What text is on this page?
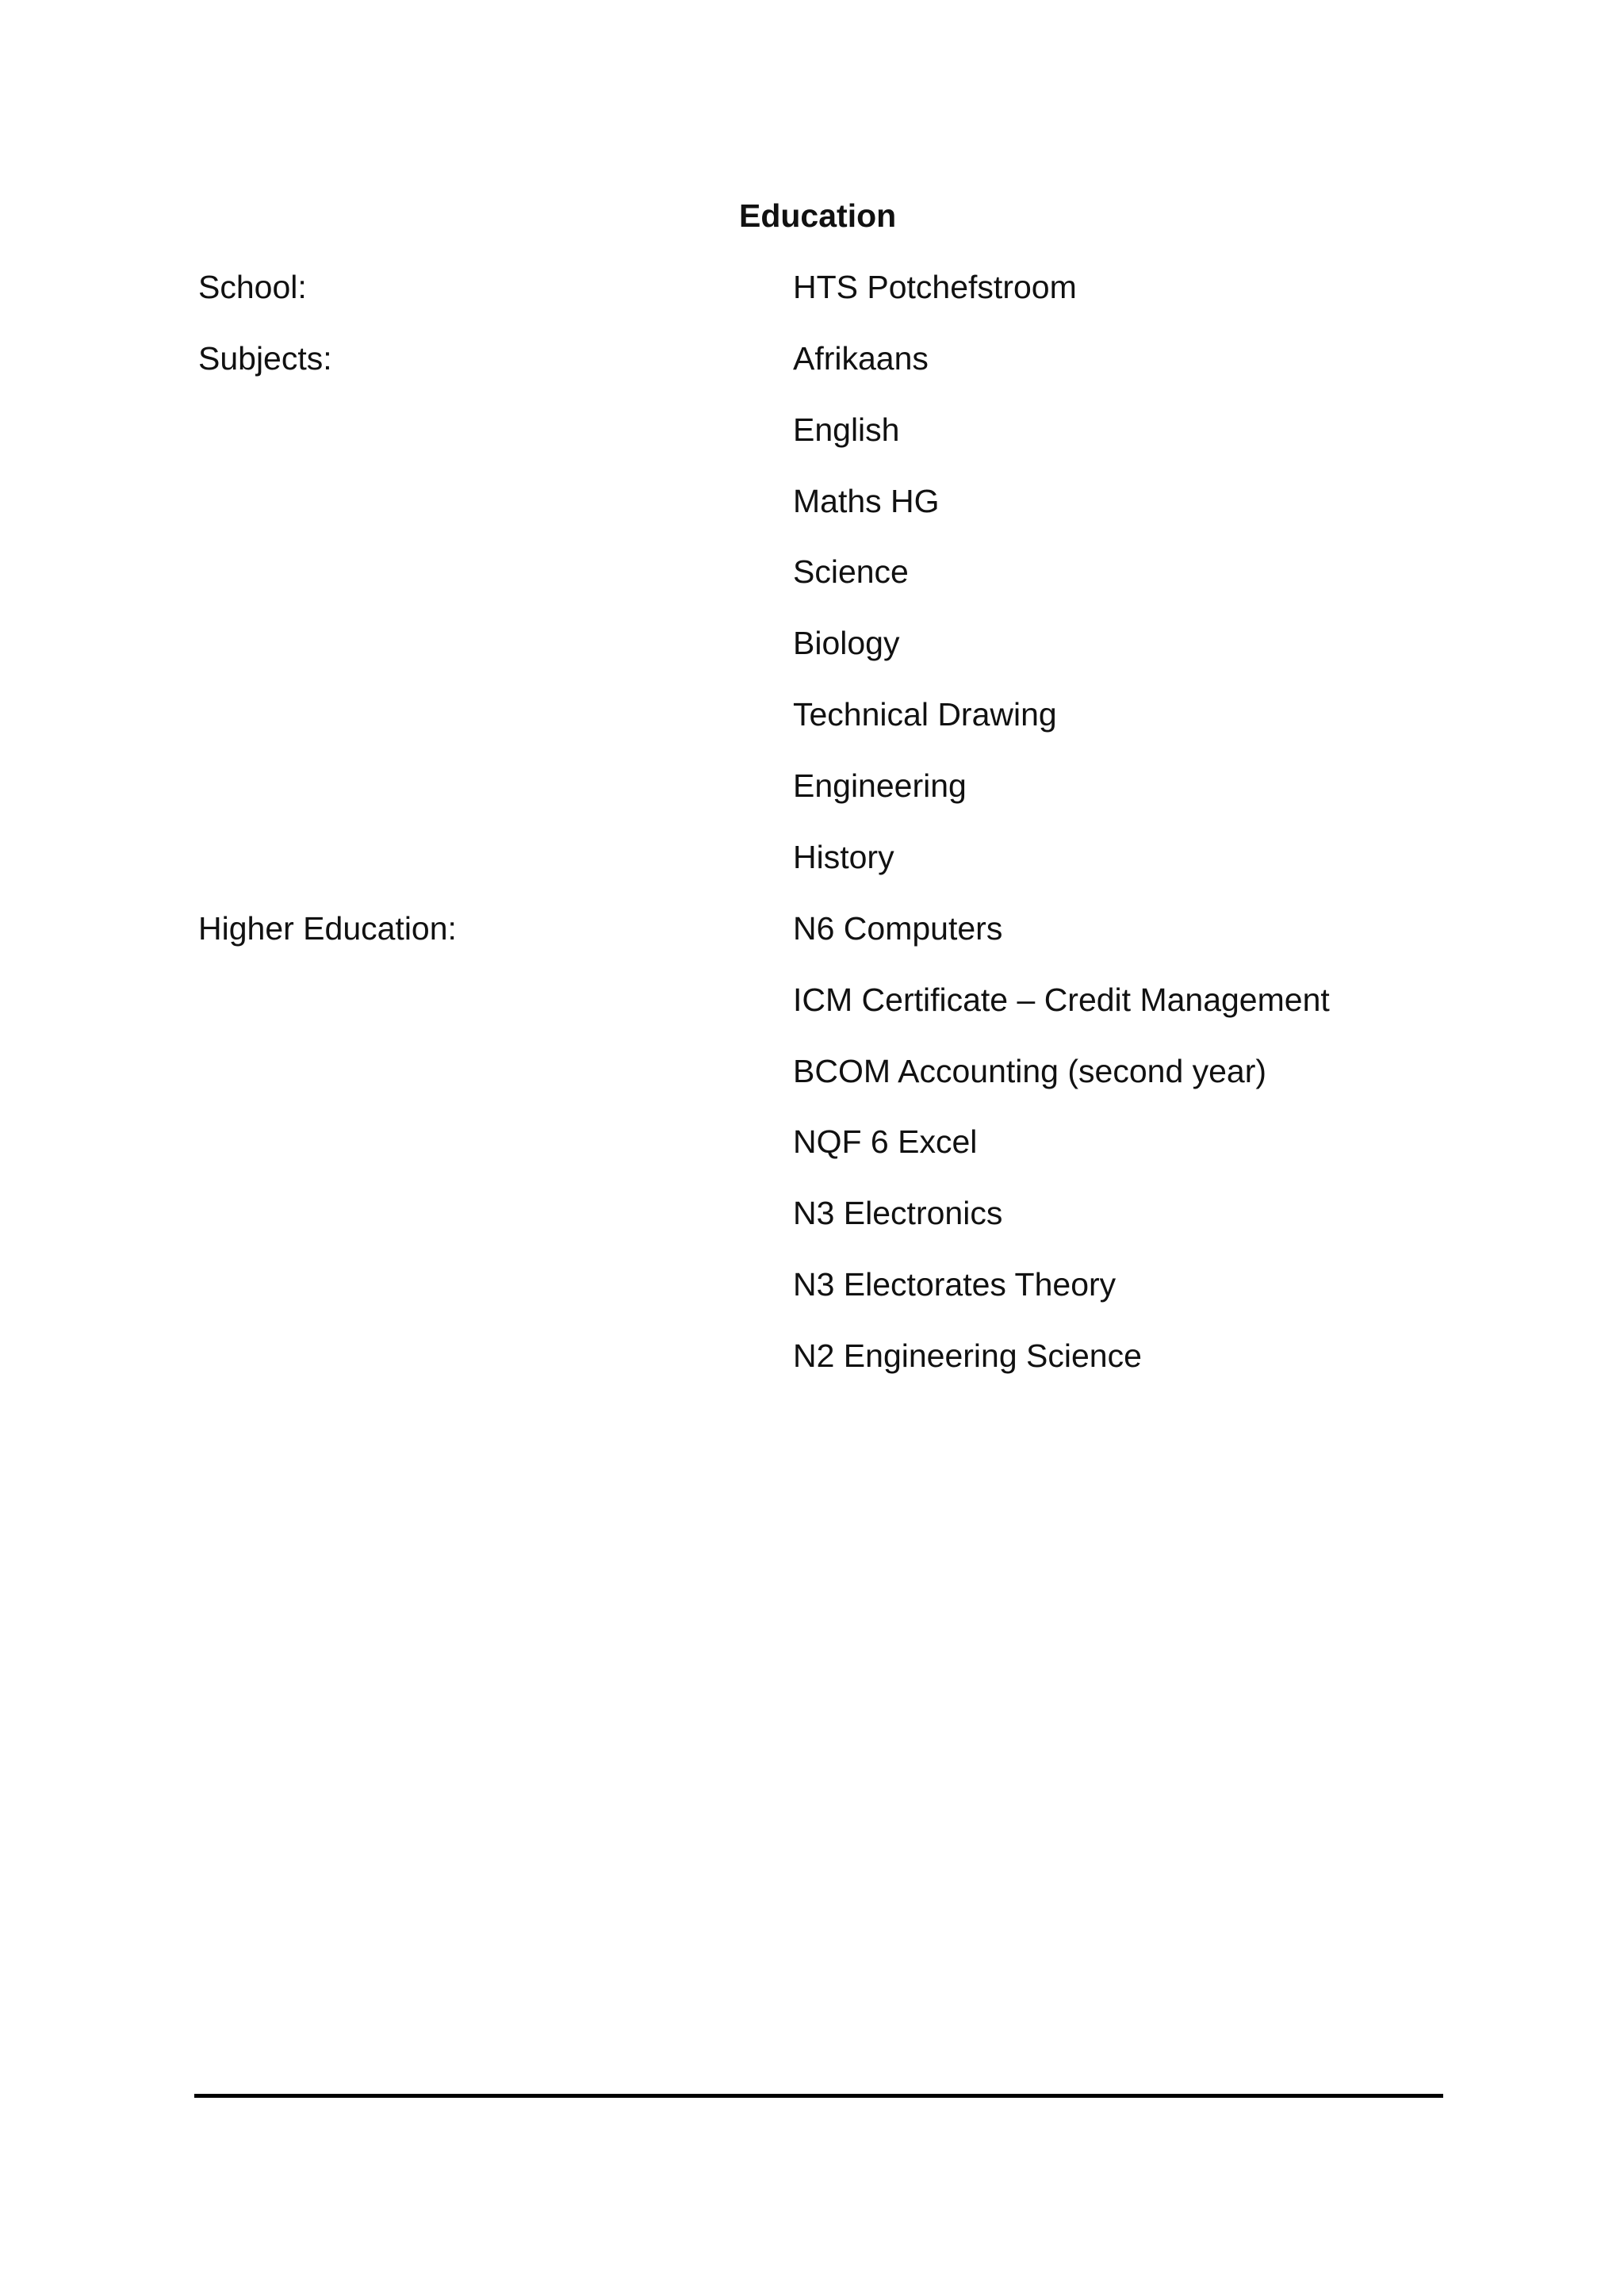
Education
School:	HTS Potchefstroom
Subjects:	Afrikaans
English
Maths HG
Science
Biology
Technical Drawing
Engineering
History
Higher Education:	N6 Computers
ICM Certificate – Credit Management
BCOM Accounting (second year)
NQF 6 Excel
N3 Electronics
N3 Electorates Theory
N2 Engineering Science
